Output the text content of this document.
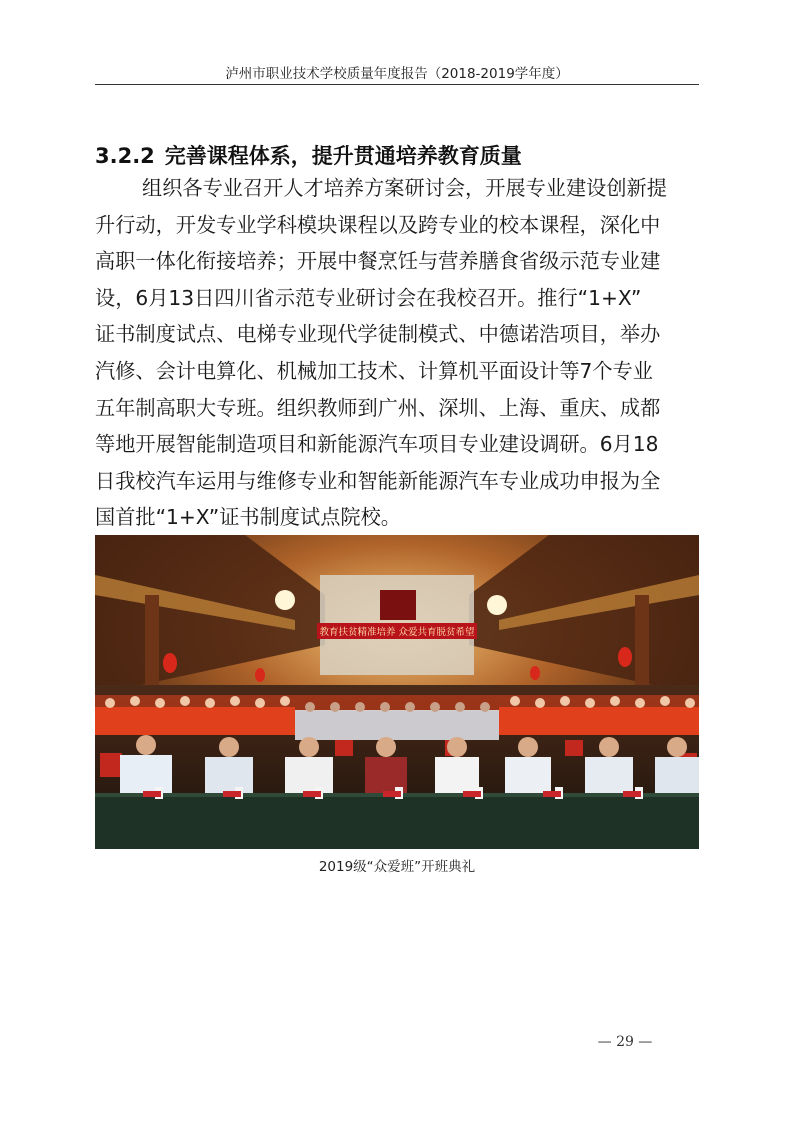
泸州市职业技术学校质量年度报告（2018-2019学年度）
3.2.2 完善课程体系，提升贯通培养教育质量
组织各专业召开人才培养方案研讨会，开展专业建设创新提
升行动，开发专业学科模块课程以及跨专业的校本课程，深化中
高职一体化衔接培养；开展中餐烹饪与营养膳食省级示范专业建
设，6月13日四川省示范专业研讨会在我校召开。推行“1+X”
证书制度试点、电梯专业现代学徒制模式、中德诺浩项目，举办
汽修、会计电算化、机械加工技术、计算机平面设计等7个专业
五年制高职大专班。组织教师到广州、深圳、上海、重庆、成都
等地开展智能制造项目和新能源汽车项目专业建设调研。6月18
日我校汽车运用与维修专业和智能新能源汽车专业成功申报为全
国首批“1+X”证书制度试点院校。
教育扶贫精准培养 众爱共育脱贫希望
2019级“众爱班”开班典礼
— 29 —
